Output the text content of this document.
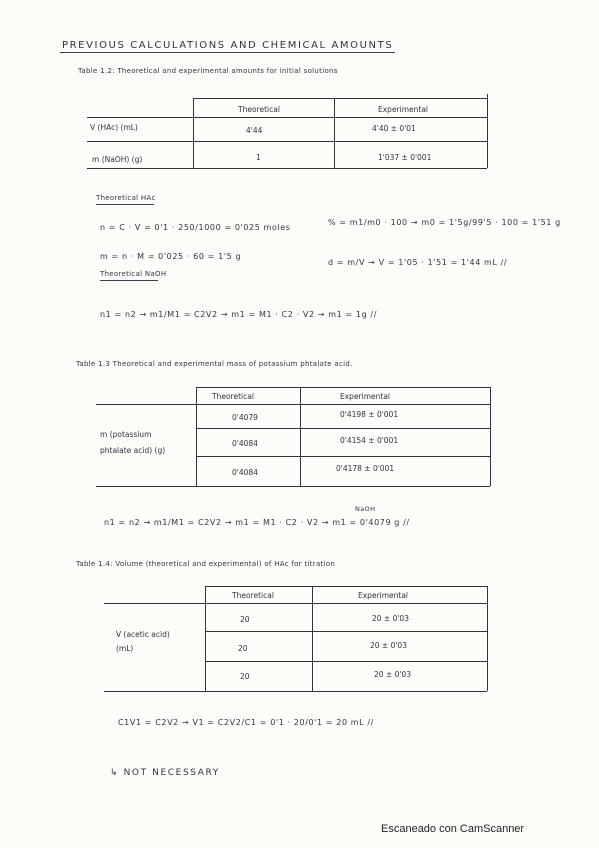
PREVIOUS CALCULATIONS AND CHEMICAL AMOUNTS
Table 1.2: Theoretical and experimental amounts for initial solutions
Theoretical	Experimental
V (HAc) (mL)	4'44	4'40 ± 0'01
m (NaOH) (g)	1	1'037 ± 0'001
Theoretical HAc
n = C · V = 0'1 · 250/1000 = 0'025 moles
% = m1/m0 · 100 → m0 = 1'5g/99'5 · 100 = 1'51 g
m = n · M = 0'025 · 60 = 1'5 g
d = m/V → V = 1'05 · 1'51 = 1'44 mL //
Theoretical NaOH
n1 = n2 → m1/M1 = C2V2 → m1 = M1 · C2 · V2 → m1 = 1g //
Table 1.3 Theoretical and experimental mass of potassium phtalate acid.
Theoretical	Experimental
m (potassium phtalate acid) (g)
0'4079	0'4198 ± 0'001
0'4084	0'4154 ± 0'001
0'4084	0'4178 ± 0'001
NaOH
n1 = n2 → m1/M1 = C2V2 → m1 = M1 · C2 · V2 → m1 = 0'4079 g //
Table 1.4: Volume (theoretical and experimental) of HAc for titration
Theoretical	Experimental
V (acetic acid) (mL)
20	20 ± 0'03
20	20 ± 0'03
20	20 ± 0'03
C1V1 = C2V2 → V1 = C2V2/C1 = 0'1 · 20/0'1 = 20 mL //
↳ NOT NECESSARY
Escaneado con CamScanner
